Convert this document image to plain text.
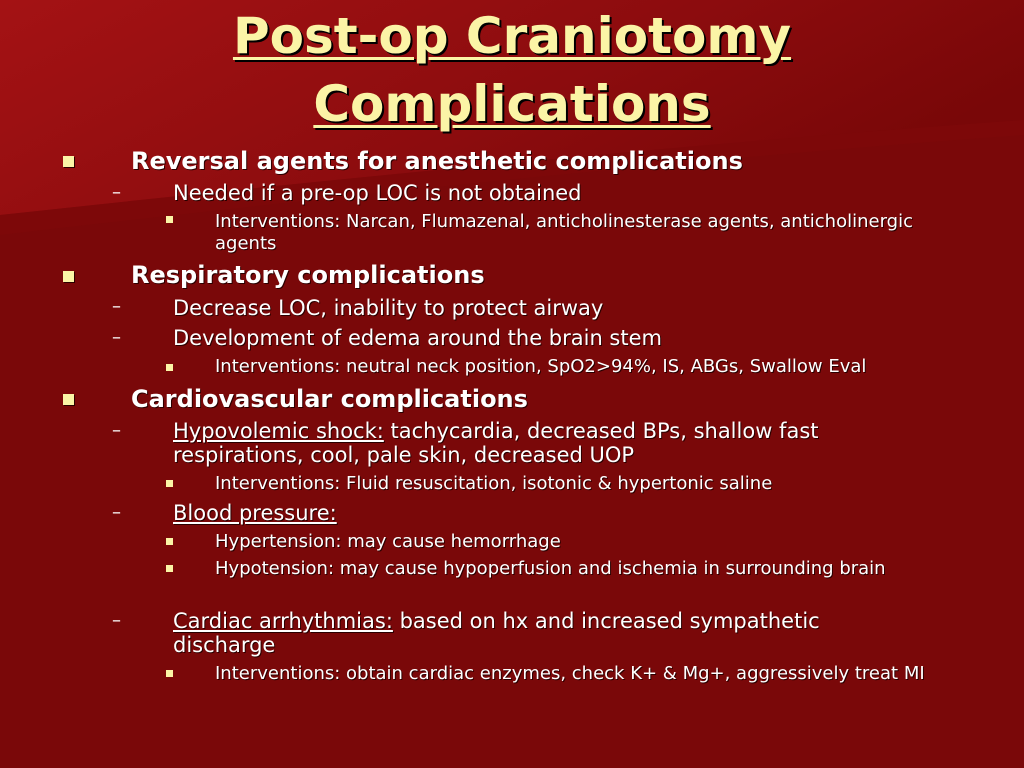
Post-op Craniotomy
Complications
Reversal agents for anesthetic complications
– Needed if a pre-op LOC is not obtained
Interventions: Narcan, Flumazenal, anticholinesterase agents, anticholinergic agents
Respiratory complications
– Decrease LOC, inability to protect airway
– Development of edema around the brain stem
Interventions: neutral neck position, SpO2>94%, IS, ABGs, Swallow Eval
Cardiovascular complications
– Hypovolemic shock: tachycardia, decreased BPs, shallow fast respirations, cool, pale skin, decreased UOP
Interventions: Fluid resuscitation, isotonic & hypertonic saline
– Blood pressure:
Hypertension: may cause hemorrhage
Hypotension: may cause hypoperfusion and ischemia in surrounding brain
– Cardiac arrhythmias: based on hx and increased sympathetic discharge
Interventions: obtain cardiac enzymes, check K+ & Mg+, aggressively treat MI
